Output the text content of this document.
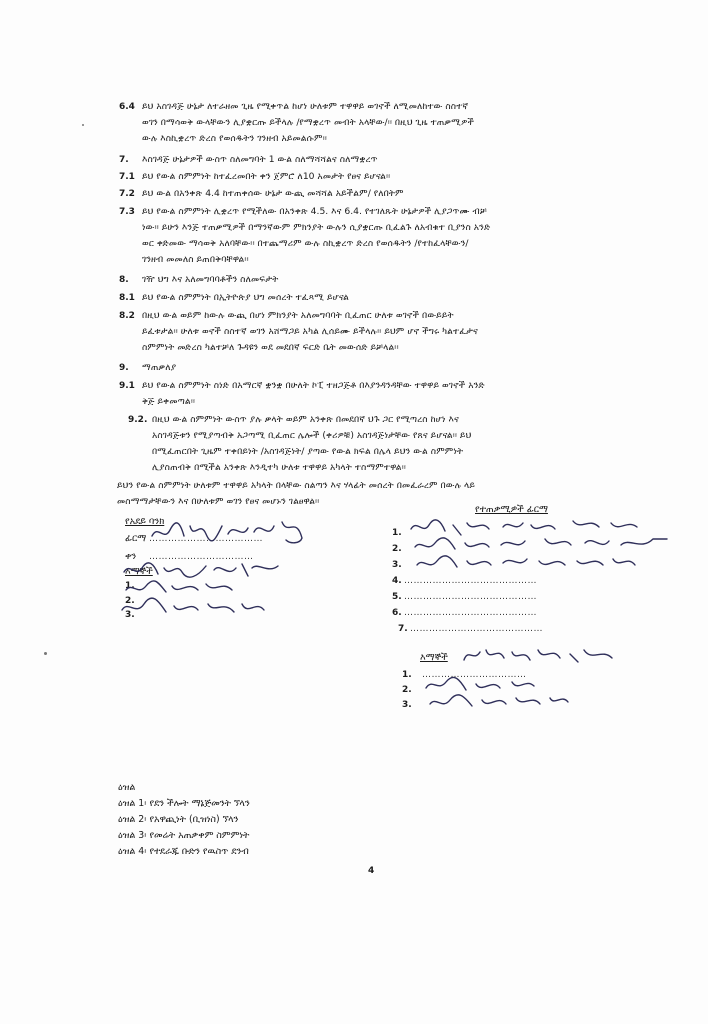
6.4 ይህ አስገዳጅ ሁኔታ ለተራዘመ ጊዜ የሚቀጥል ከሆነ ሁለቱም ተዋዋይ ወገኖች ለሚመለከተው ስስተኛ
ወገን በማሳወቅ ውላቸውን ሊያቋርጡ ይችላሉ /የማቋረጥ መብት አላቸው/፡፡ በዚህ ጊዜ ተጠቃሚዎች
ውሉ እስኪቋረጥ ድረስ የወሰዱትን ገንዘብ አይመልሱም፡፡
7. እስገዳጅ ሁኔታዎች ውስጥ ስለመግባት 1 ውል ስለማሻሻልና ስለማቋረጥ
7.1 ይህ የውል ስምምነት ከተፈረመበት ቀን ጀምሮ ለ10 አመታት የፀና ይሆናል፡፡
7.2 ይህ ውል በአንቀጽ 4.4 ከተጠቀሰው ሁኔታ ውጪ መሻሻል አይችልም/ የለበትም
7.3 ይህ የውል ስምምነት ሊቋረጥ የሚችለው በአንቀጽ 4.5. እና 6.4. የተገለጹት ሁኔታዎች ሊያጋጥሙ ብቻ
ነው፡፡ ይሁን እንጅ ተጠቃሚዎች በማንኛውም ምክንያት ውሉን ሲያቋርጡ ቢፈልጉ ለአብቁተ ቢያንስ አንድ
ወር ቀድመው ማሳወቅ አለባቸው፡፡ በተጨማሪም ውሉ ስኪቋረጥ ድረስ የወሰዱትን /የተከፈላቸውን/
ገንዘብ መመለስ ይጠበቅባቸዋል፡፡
8. ገዥ ህግ እና አለመግባባቶችን ስለመፍታት
8.1 ይህ የውል ስምምነት በኢትዮጵያ ህግ መሰረት ተፈጻሚ ይሆናል
8.2 በዚህ ውል ወይም ከውሉ ውጪ በሆነ ምክንያት አለመግባባት ቢፈጠር ሁለቱ ወገኖች በውይይት
ይፈቱታል፡፡ ሁለቱ ወኖች ስስተኛ ወገን አሸማጋይ አካል ሊሰይሙ ይችላሉ፡፡ ይህም ሆኖ ችግሩ ካልተፈታና
ስምምነት መድረስ ካልተቻለ ጉዳዩን ወደ መደበኛ ፍርድ ቤት መውሰድ ይቻላል፡፡
9. ማጠቃለያ
9.1 ይህ የውል ስምምነት ስነድ በአማርኛ ቋንቋ በሁለት ኮፒ ተዘጋጅቶ በእያንዳንዳቸው ተዋዋይ ወገኖች አንድ
ቅጅ ይቀመጣል፡፡
9.2. በዚህ ውል ስምምነት ውስጥ ያሉ ቃላት ወይም አንቀጽ በመደበኛ ህጉ ጋር የሚጣረስ ከሆነ እና
አስገዳጅቱን የሚያጣብቅ አጋጣሚ ቢፈጠር ሌሎች (ቀሪዎቹ) አስገዳጅነታቸው የጸና ይሆናል፡፡ ይህ
በሚፈጠርበት ጊዜም ተቀበይነት /አስገዳጅነት/ ያጣው የውል ክፍል በሌላ ይህን ውል ስምምነት
ሊያስጠብቅ በሚችል አንቀጽ እንዲተካ ሁለቱ ተዋዋይ አካላት ተስማምተዋል፡፡
ይህን የውል ስምምነት ሁለቱም ተዋዋይ አካላት በላቸው ስልጣን እና ሃላፊት መሰረት በመፈራረም በውሉ ላይ
መስማማታቸውን እና በሁለቱም ወገን የፀና መሆኑን ገልፀዋል፡፡
የአደይ ባንክ
ፊርማ ………………………………
ቀን ……………………………
እማኞች
1.
2.
3.
የተጠቃሚዎች ፊርማ
1.
2.
3.
4. ……………………………………
5. ……………………………………
6. ……………………………………
7. ……………………………………
እማኞች
1.
2.
3.
……………………………
ዕዝል
ዕዝል 1፡ የደን ችሎት ማኔጅመንት ኘላን
ዕዝል 2፡ የአዋጪነት (ቢዝነስ) ኘላን
ዕዝል 3፡ የመሬት አጠቃቀም ስምምነት
ዕዝል 4፡ የተደራጁ ቡድን የዉስጥ ደንብ
4
